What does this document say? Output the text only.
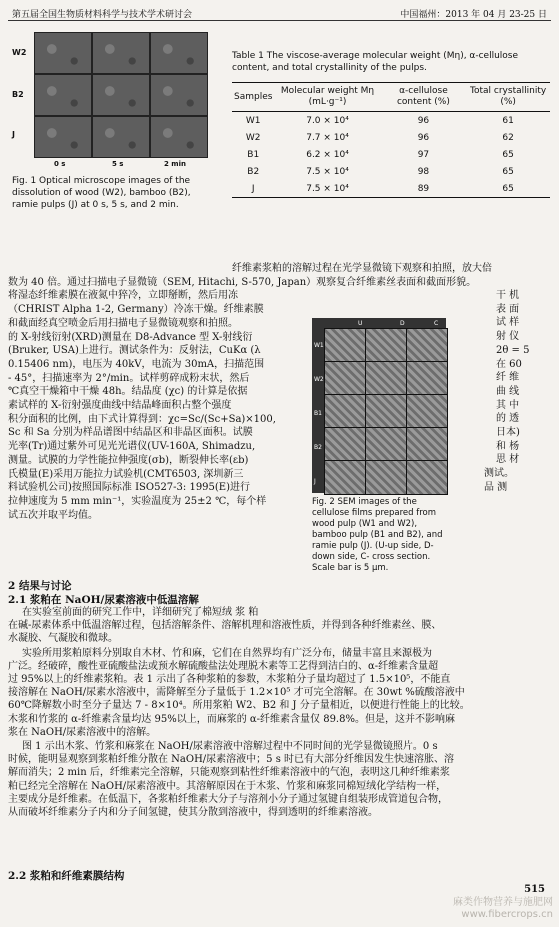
第五届全国生物质材料科学与技术学术研讨会	中国福州：2013 年 04 月 23-25 日
W2
B2
J
0 s	5 s	2 min
Fig. 1 Optical microscope images of the dissolution of wood (W2), bamboo (B2), ramie pulps (J) at 0 s, 5 s, and 2 min.
Table 1 The viscose-average molecular weight (Mη), α-cellulose content, and total crystallinity of the pulps.
Samples	Molecular weight Mη (mL·g⁻¹)	α-cellulose content (%)	Total crystallinity (%)
W1	7.0 × 10⁴	96	61
W2	7.7 × 10⁴	96	62
B1	6.2 × 10⁴	97	65
B2	7.5 × 10⁴	98	65
J	7.5 × 10⁴	89	65
U	D	C
W1
W2
B1
B2
J
Fig. 2 SEM images of the cellulose films prepared from wood pulp (W1 and W2), bamboo pulp (B1 and B2), and ramie pulp (J). (U-up side, D- down side, C- cross section. Scale bar is 5 μm.
纤维素浆粕的溶解过程在光学显微镜下观察和拍照，放大倍
数为 40 倍。通过扫描电子显微镜（SEM, Hitachi, S-570, Japan）观察复合纤维素丝表面和截面形貌。
将湿态纤维素膜在液氮中猝冷，立即掰断，然后用冻
（CHRIST Alpha 1-2, Germany）冷冻干燥。纤维素膜
和截面经真空喷金后用扫描电子显微镜观察和拍照。
的 X-射线衍射(XRD)测量在 D8-Advance 型 X-射线衍
(Bruker, USA)上进行。测试条件为：反射法，CuKα (λ
0.15406 nm)，电压为 40kV，电流为 30mA，扫描范围
- 45°，扫描速率为 2°/min。试样剪碎成粉末状，然后
℃真空干燥箱中干燥 48h。结晶度 (χc) 的计算是依据
素试样的 X-衍射强度曲线中结晶峰面积占整个强度
积分面积的比例，由下式计算得到：χc=Sc/(Sc+Sa)×100,
Sc 和 Sa 分别为样品谱图中结晶区和非晶区面积。试膜
光率(Tr)通过紫外可见光光谱仪(UV-160A, Shimadzu,
测量。试膜的力学性能拉伸强度(σb)，断裂伸长率(εb)
氏模量(E)采用万能拉力试验机(CMT6503, 深圳新三
料试验机公司)按照国际标准 ISO527-3: 1995(E)进行
拉伸速度为 5 mm min⁻¹，实验温度为 25±2 ℃，每个样
试五次并取平均值。
干 机
表 面
试 样
射 仪
2θ = 5
在 60
纤 维
曲 线
其 中
的 透
日本)
和 杨
思 材
测试。
品 测
2 结果与讨论
2.1 浆粕在 NaOH/尿素溶液中低温溶解
在实验室前面的研究工作中，详细研究了棉短绒 浆 粕
在碱-尿素体系中低温溶解过程，包括溶解条件、溶解机理和溶液性质，并得到各种纤维素丝、膜、
水凝胶、气凝胶和微球。
实验所用浆粕原料分别取自木材、竹和麻，它们在自然界均有广泛分布，储量丰富且来源极为
广泛。经破碎，酸性亚硫酸盐法或预水解硫酸盐法处理脱木素等工艺得到洁白的、α-纤维素含量超
过 95%以上的纤维素浆粕。表 1 示出了各种浆粕的参数，木浆粕分子量均超过了 1.5×10⁵，不能直
接溶解在 NaOH/尿素水溶液中，需降解至分子量低于 1.2×10⁵ 才可完全溶解。在 30wt %硫酸溶液中
60℃降解数小时至分子量达 7 - 8×10⁴。所用浆粕 W2、B2 和 J 分子量相近，以便进行性能上的比较。
木浆和竹浆的 α-纤维素含量均达 95%以上，而麻浆的 α-纤维素含量仅 89.8%。但是，这并不影响麻
浆在 NaOH/尿素溶液中的溶解。
图 1 示出木浆、竹浆和麻浆在 NaOH/尿素溶液中溶解过程中不同时间的光学显微镜照片。0 s
时候，能明显观察到浆粕纤维分散在 NaOH/尿素溶液中；5 s 时已有大部分纤维因发生快速溶胀、溶
解而消失；2 min 后，纤维素完全溶解，只能观察到粘性纤维素溶液中的气泡，表明这几种纤维素浆
粕已经完全溶解在 NaOH/尿素溶液中。其溶解原因在于木浆、竹浆和麻浆同棉短绒化学结构一样，
主要成分是纤维素。在低温下，各浆粕纤维素大分子与溶剂小分子通过氢键自组装形成管道包合物，
从而破坏纤维素分子内和分子间氢键，使其分散到溶液中，得到透明的纤维素溶液。
2.2 浆粕和纤维素膜结构
515
麻类作物营养与施肥网
www.fibercrops.cn
